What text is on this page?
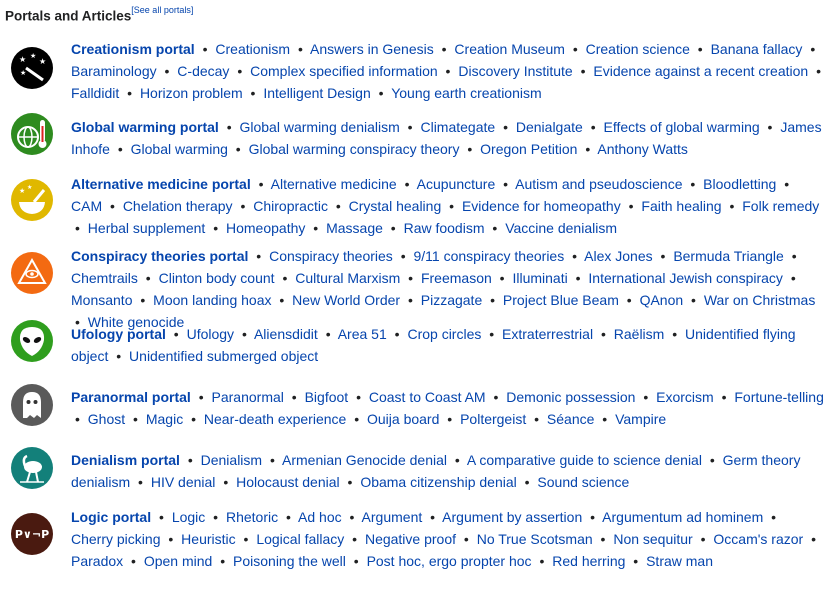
Portals and Articles[See all portals]
★ ★
★
★
Creationism portal • Creationism • Answers in Genesis • Creation Museum • Creation science • Banana fallacy • Baraminology • C-decay • Complex specified information • Discovery Institute • Evidence against a recent creation • Falldidit • Horizon problem • Intelligent Design • Young earth creationism
Global warming portal • Global warming denialism • Climategate • Denialgate • Effects of global warming • James Inhofe • Global warming • Global warming conspiracy theory • Oregon Petition • Anthony Watts
★ ★	Alternative medicine portal • Alternative medicine • Acupuncture • Autism and pseudoscience • Bloodletting • CAM • Chelation therapy • Chiropractic • Crystal healing • Evidence for homeopathy • Faith healing • Folk remedy • Herbal supplement • Homeopathy • Massage • Raw foodism • Vaccine denialism
Conspiracy theories portal • Conspiracy theories • 9/11 conspiracy theories • Alex Jones • Bermuda Triangle • Chemtrails • Clinton body count • Cultural Marxism • Freemason • Illuminati • International Jewish conspiracy • Monsanto • Moon landing hoax • New World Order • Pizzagate • Project Blue Beam • QAnon • War on Christmas • White genocide
Ufology portal • Ufology • Aliensdidit • Area 51 • Crop circles • Extraterrestrial • Raëlism • Unidentified flying object • Unidentified submerged object
Paranormal portal • Paranormal • Bigfoot • Coast to Coast AM • Demonic possession • Exorcism • Fortune-telling • Ghost • Magic • Near-death experience • Ouija board • Poltergeist • Séance • Vampire
Denialism portal • Denialism • Armenian Genocide denial • A comparative guide to science denial • Germ theory denialism • HIV denial • Holocaust denial • Obama citizenship denial • Sound science
P∨¬P
Logic portal • Logic • Rhetoric • Ad hoc • Argument • Argument by assertion • Argumentum ad hominem • Cherry picking • Heuristic • Logical fallacy • Negative proof • No True Scotsman • Non sequitur • Occam's razor • Paradox • Open mind • Poisoning the well • Post hoc, ergo propter hoc • Red herring • Straw man
